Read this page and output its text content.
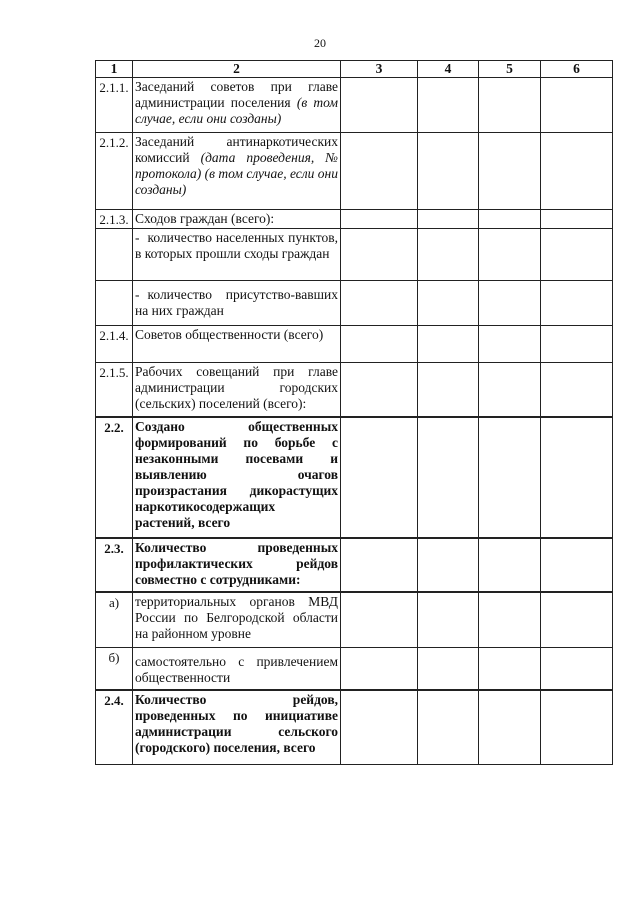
20
1	2	3	4	5	6
2.1.1.	Заседаний советов при главе администрации поселения (в том случае, если они созданы)				
2.1.2.	Заседаний антинаркотических комиссий (дата проведения, № протокола) (в том случае, если они созданы)				
2.1.3.	Сходов граждан (всего):				
	- количество населенных пунктов, в которых прошли сходы граждан				
	- количество присутство-вавших на них граждан				
2.1.4.	Советов общественности (всего)				
2.1.5.	Рабочих совещаний при главе администрации городских (сельских) поселений (всего):				
2.2.	Создано общественных формирований по борьбе с незаконными посевами и выявлению очагов произрастания дикорастущих наркотикосодержащих растений, всего				
2.3.	Количество проведенных профилактических рейдов совместно с сотрудниками:				
а)	территориальных органов МВД России по Белгородской области на районном уровне				
б)	самостоятельно с привлечением общественности				
2.4.	Количество рейдов, проведенных по инициативе администрации сельского (городского) поселения, всего				
